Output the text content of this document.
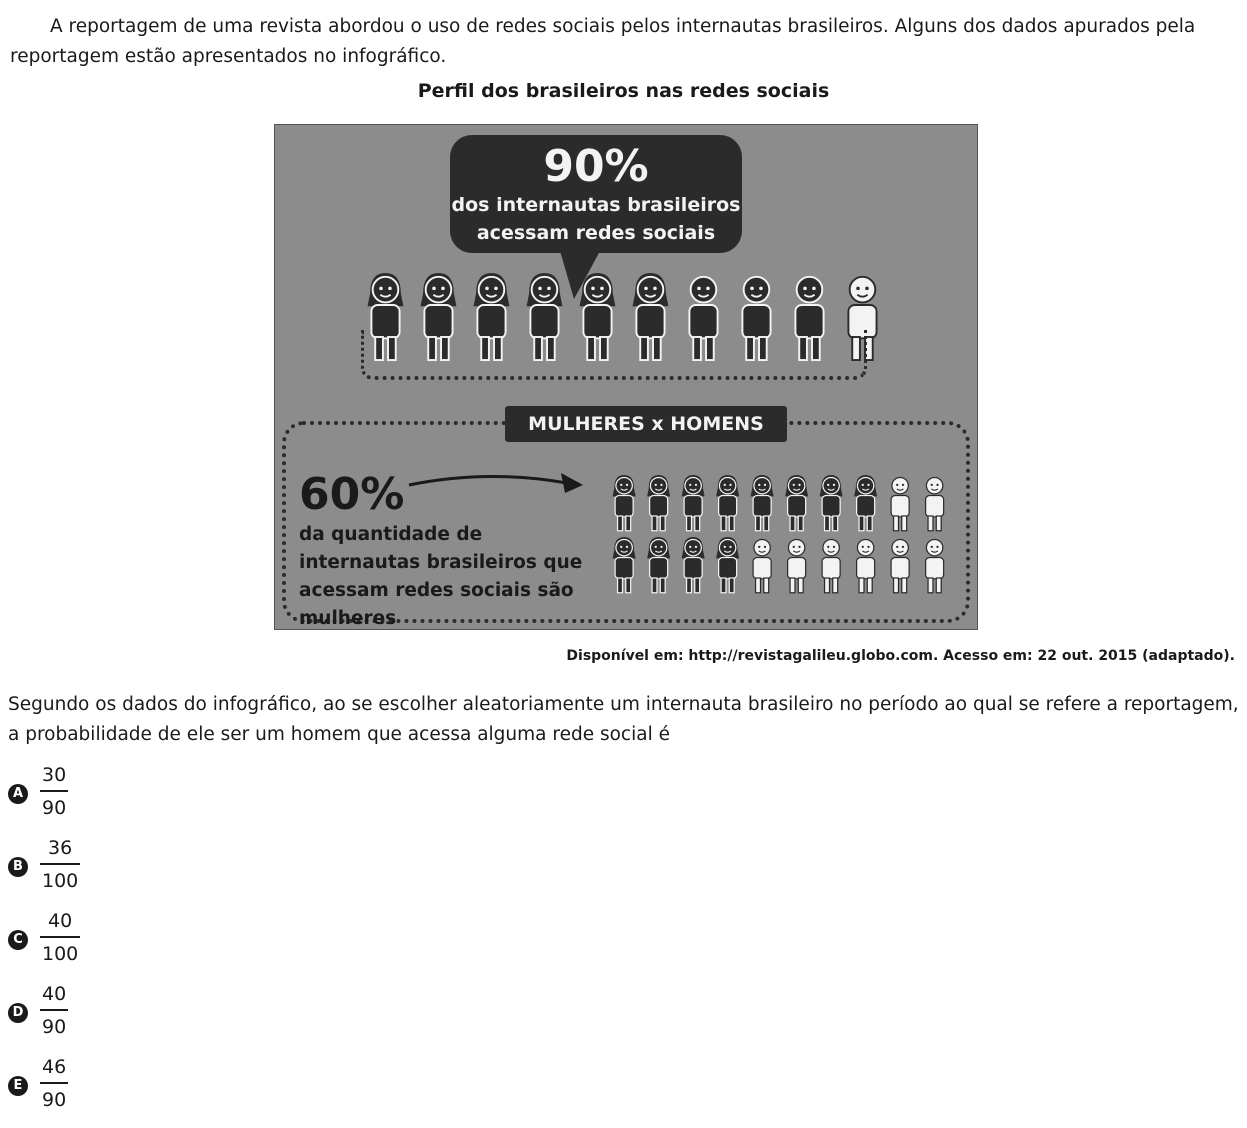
A reportagem de uma revista abordou o uso de redes sociais pelos internautas brasileiros. Alguns dos dados apurados pela reportagem estão apresentados no infográfico.
Perfil dos brasileiros nas redes sociais
90%
dos internautas brasileiros
acessam redes sociais
MULHERES x HOMENS
60%
da quantidade de internautas brasileiros que acessam redes sociais são mulheres
Disponível em: http://revistagalileu.globo.com. Acesso em: 22 out. 2015 (adaptado).
Segundo os dados do infográfico, ao se escolher aleatoriamente um internauta brasileiro no período ao qual se refere a reportagem, a probabilidade de ele ser um homem que acessa alguma rede social é
A $\frac{30}{90}$
B $\frac{36}{100}$
C $\frac{40}{100}$
D $\frac{40}{90}$
E $\frac{46}{90}$
